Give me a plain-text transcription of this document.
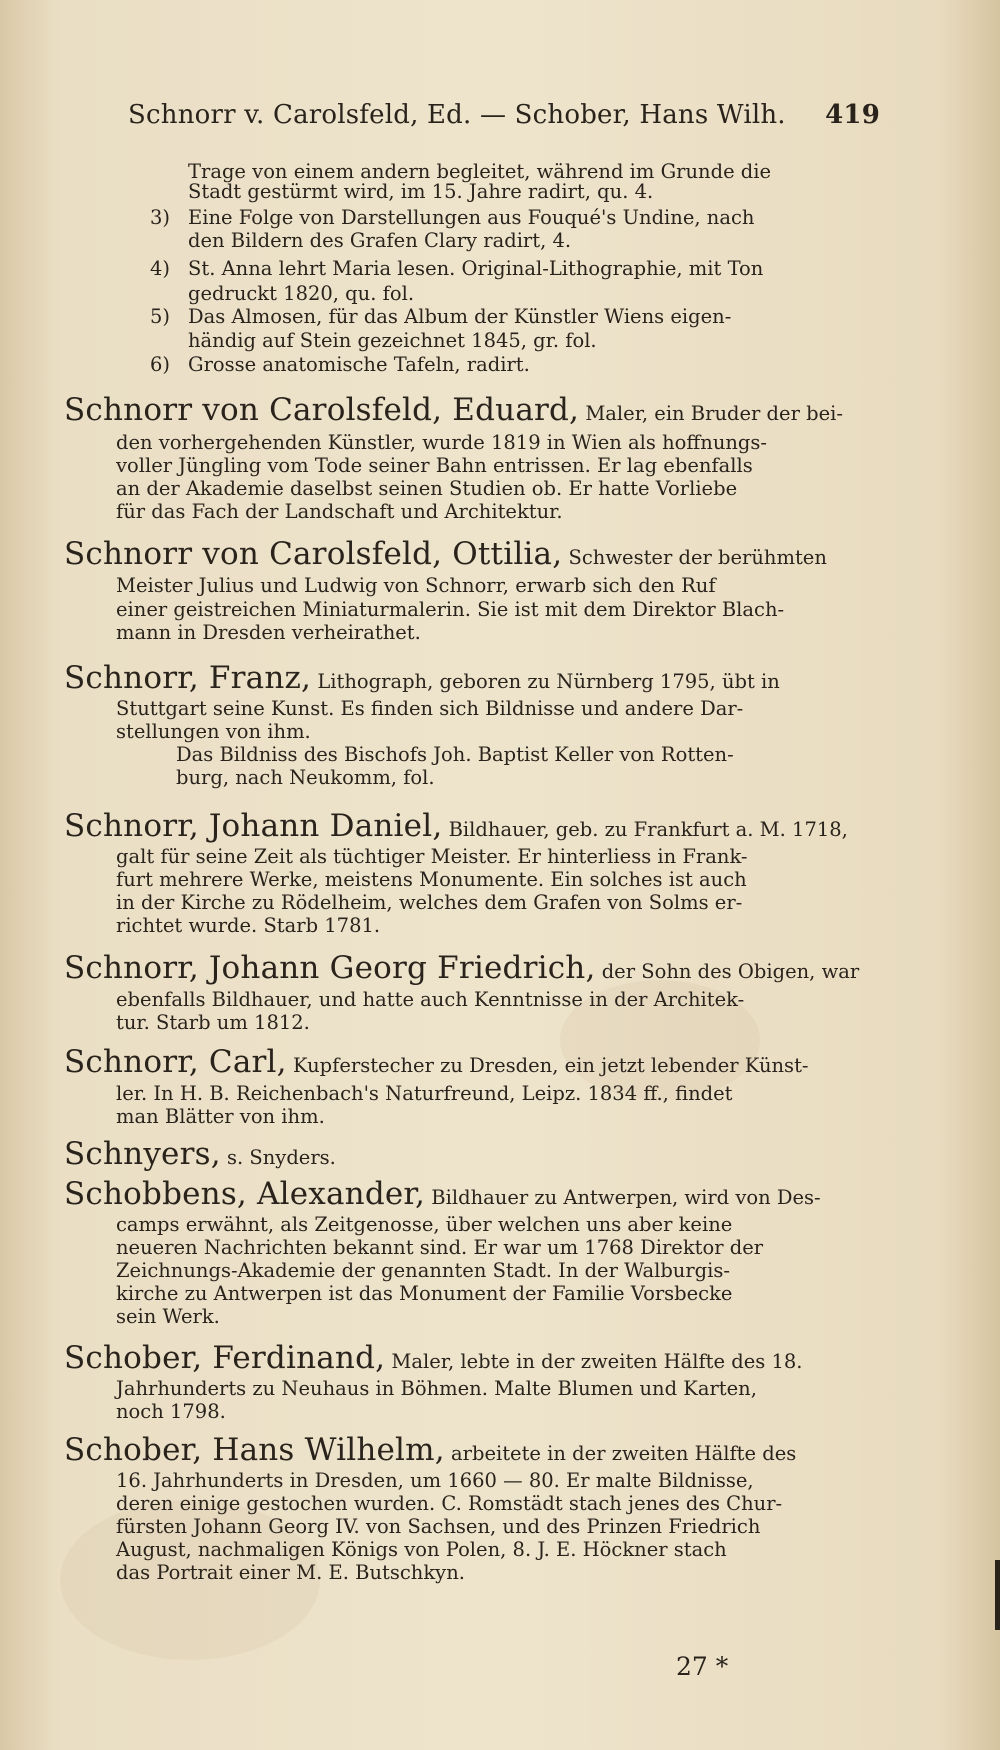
Schnorr v. Carolsfeld, Ed. — Schober, Hans Wilh. 419
Trage von einem andern begleitet, während im Grunde die
Stadt gestürmt wird, im 15. Jahre radirt, qu. 4.
3) Eine Folge von Darstellungen aus Fouqué's Undine, nach
den Bildern des Grafen Clary radirt, 4.
4) St. Anna lehrt Maria lesen. Original-Lithographie, mit Ton
gedruckt 1820, qu. fol.
5) Das Almosen, für das Album der Künstler Wiens eigen-
händig auf Stein gezeichnet 1845, gr. fol.
6) Grosse anatomische Tafeln, radirt.
Schnorr von Carolsfeld, Eduard, Maler, ein Bruder der bei-
den vorhergehenden Künstler, wurde 1819 in Wien als hoffnungs-
voller Jüngling vom Tode seiner Bahn entrissen. Er lag ebenfalls
an der Akademie daselbst seinen Studien ob. Er hatte Vorliebe
für das Fach der Landschaft und Architektur.
Schnorr von Carolsfeld, Ottilia, Schwester der berühmten
Meister Julius und Ludwig von Schnorr, erwarb sich den Ruf
einer geistreichen Miniaturmalerin. Sie ist mit dem Direktor Blach-
mann in Dresden verheirathet.
Schnorr, Franz, Lithograph, geboren zu Nürnberg 1795, übt in
Stuttgart seine Kunst. Es finden sich Bildnisse und andere Dar-
stellungen von ihm.
Das Bildniss des Bischofs Joh. Baptist Keller von Rotten-
burg, nach Neukomm, fol.
Schnorr, Johann Daniel, Bildhauer, geb. zu Frankfurt a. M. 1718,
galt für seine Zeit als tüchtiger Meister. Er hinterliess in Frank-
furt mehrere Werke, meistens Monumente. Ein solches ist auch
in der Kirche zu Rödelheim, welches dem Grafen von Solms er-
richtet wurde. Starb 1781.
Schnorr, Johann Georg Friedrich, der Sohn des Obigen, war
ebenfalls Bildhauer, und hatte auch Kenntnisse in der Architek-
tur. Starb um 1812.
Schnorr, Carl, Kupferstecher zu Dresden, ein jetzt lebender Künst-
ler. In H. B. Reichenbach's Naturfreund, Leipz. 1834 ff., findet
man Blätter von ihm.
Schnyers, s. Snyders.
Schobbens, Alexander, Bildhauer zu Antwerpen, wird von Des-
camps erwähnt, als Zeitgenosse, über welchen uns aber keine
neueren Nachrichten bekannt sind. Er war um 1768 Direktor der
Zeichnungs-Akademie der genannten Stadt. In der Walburgis-
kirche zu Antwerpen ist das Monument der Familie Vorsbecke
sein Werk.
Schober, Ferdinand, Maler, lebte in der zweiten Hälfte des 18.
Jahrhunderts zu Neuhaus in Böhmen. Malte Blumen und Karten,
noch 1798.
Schober, Hans Wilhelm, arbeitete in der zweiten Hälfte des
16. Jahrhunderts in Dresden, um 1660 — 80. Er malte Bildnisse,
deren einige gestochen wurden. C. Romstädt stach jenes des Chur-
fürsten Johann Georg IV. von Sachsen, und des Prinzen Friedrich
August, nachmaligen Königs von Polen, 8. J. E. Höckner stach
das Portrait einer M. E. Butschkyn.
27 *
